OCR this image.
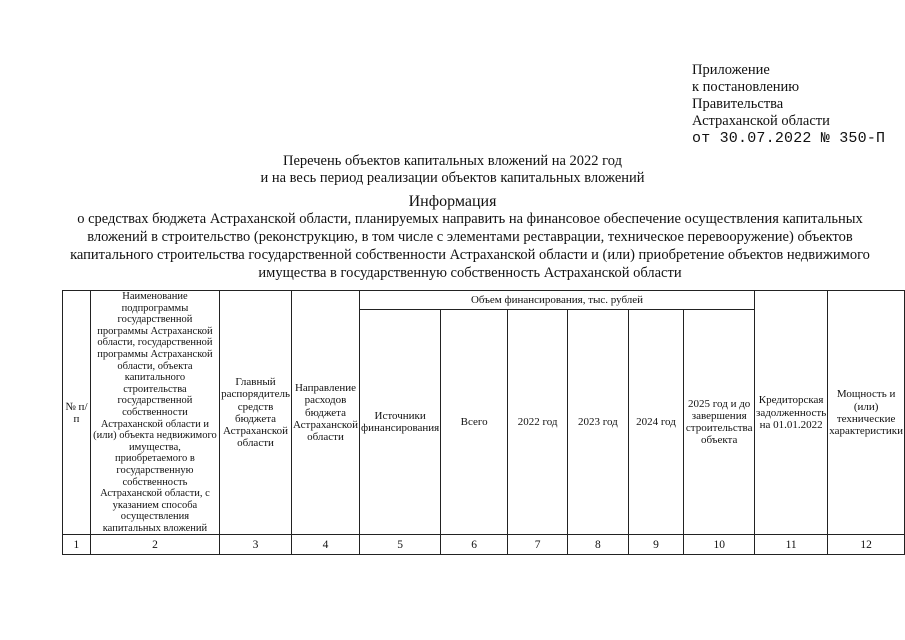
Приложение
к постановлению
Правительства
Астраханской области
от 30.07.2022 № 350-П
Перечень объектов капитальных вложений на 2022 год
и на весь период реализации объектов капитальных вложений
Информация
о средствах бюджета Астраханской области, планируемых направить на финансовое обеспечение осуществления капитальных вложений в строительство (реконструкцию, в том числе с элементами реставрации, техническое перевооружение) объектов капитального строительства государственной собственности Астраханской области и (или) приобретение объектов недвижимого имущества в государственную собственность Астраханской области
№ п/п	Наименование подпрограммы государственной программы Астраханской области, государственной программы Астраханской области, объекта капитального строительства государственной собственности Астраханской области и (или) объекта недвижимого имущества, приобретаемого в государственную собственность Астраханской области, с указанием способа осуществления капитальных вложений	Главный распорядитель средств бюджета Астраханской области	Направление расходов бюджета Астраханской области	Объем финансирования, тыс. рублей						Кредиторская задолженность на 01.01.2022	Мощность и (или) технические характеристики
				Источники финансирования	Всего	2022 год	2023 год	2024 год	2025 год и до завершения строительства объекта		
1	2	3	4	5	6	7	8	9	10	11	12
